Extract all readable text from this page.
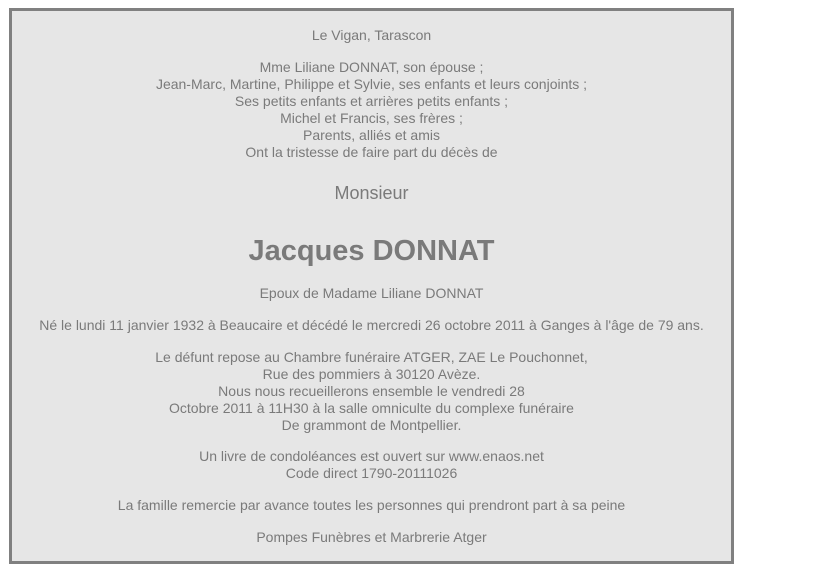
Le Vigan, Tarascon
Mme Liliane DONNAT, son épouse ;
Jean-Marc, Martine, Philippe et Sylvie, ses enfants et leurs conjoints ;
Ses petits enfants et arrières petits enfants ;
Michel et Francis, ses frères ;
Parents, alliés et amis
Ont la tristesse de faire part du décès de
Monsieur
Jacques DONNAT
Epoux de Madame Liliane DONNAT
Né le lundi 11 janvier 1932 à Beaucaire et décédé le mercredi 26 octobre 2011 à Ganges à l'âge de 79 ans.
Le défunt repose au Chambre funéraire ATGER, ZAE Le Pouchonnet,
Rue des pommiers à 30120 Avèze.
Nous nous recueillerons ensemble le vendredi 28
Octobre 2011 à 11H30 à la salle omniculte du complexe funéraire
De grammont de Montpellier.
Un livre de condoléances est ouvert sur www.enaos.net
Code direct 1790-20111026
La famille remercie par avance toutes les personnes qui prendront part à sa peine
Pompes Funèbres et Marbrerie Atger
